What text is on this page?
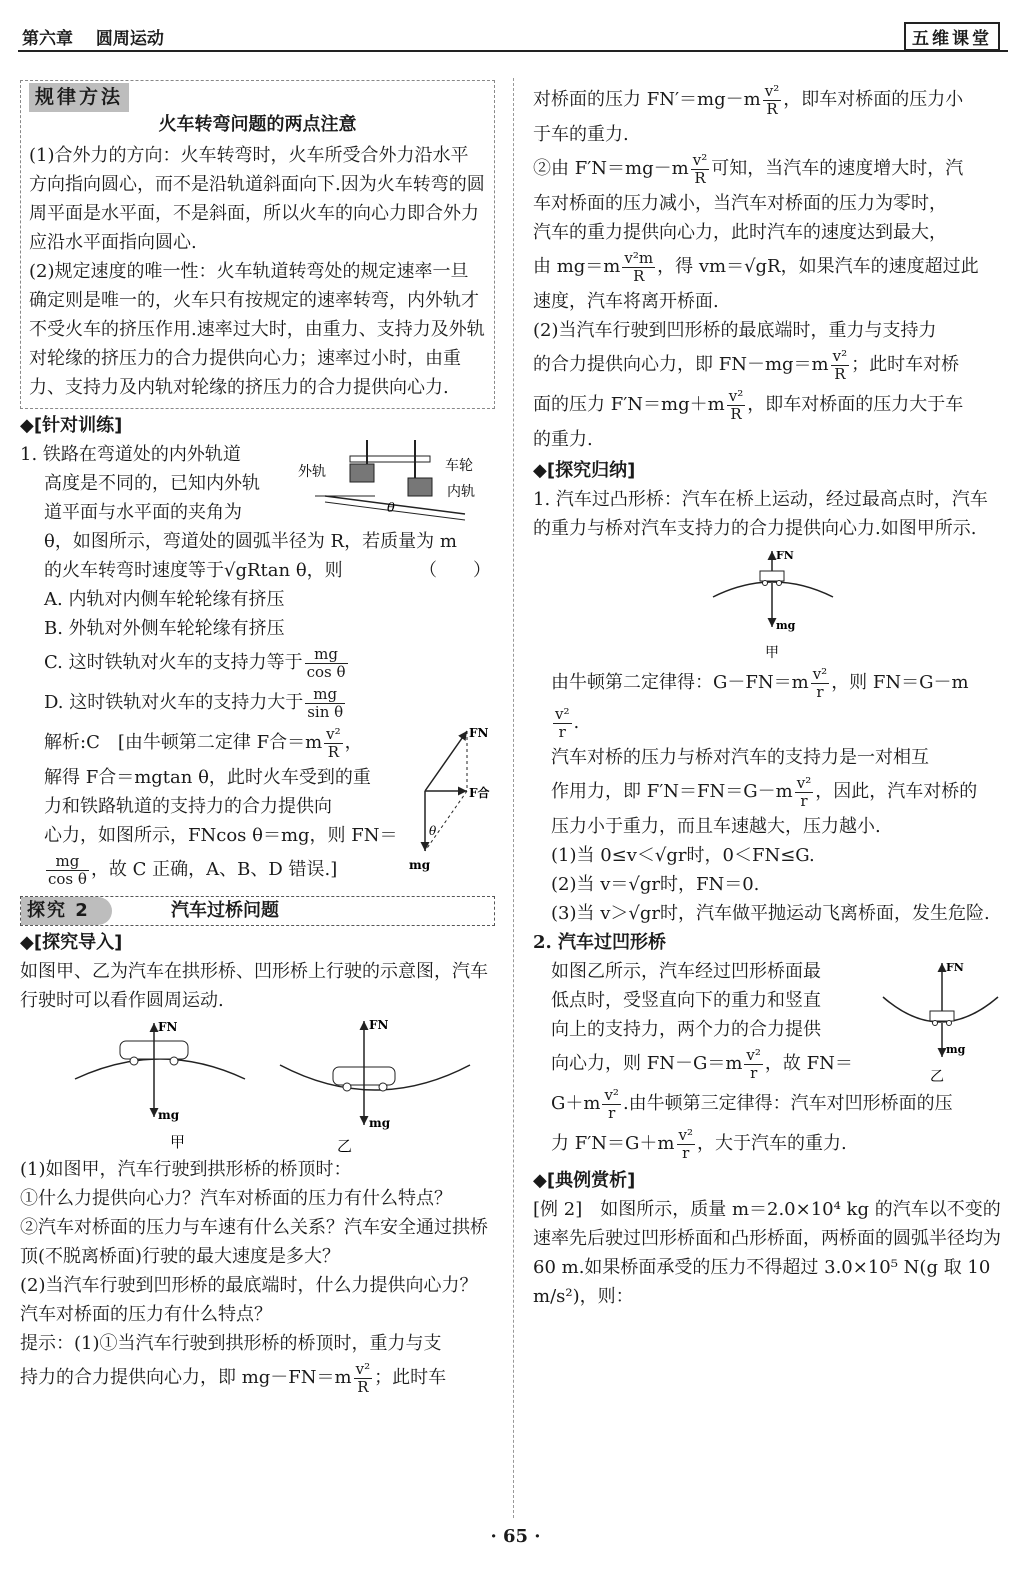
第六章　 圆周运动	五维课堂
规律方法
火车转弯问题的两点注意

(1)合外力的方向：火车转弯时，火车所受合外力沿水平方向指向圆心，而不是沿轨道斜面向下.因为火车转弯的圆周平面是水平面，不是斜面，所以火车的向心力即合外力应沿水平面指向圆心.

(2)规定速度的唯一性：火车轨道转弯处的规定速率一旦确定则是唯一的，火车只有按规定的速率转弯，内外轨才不受火车的挤压作用.速率过大时，由重力、支持力及外轨对轮缘的挤压力的合力提供向心力；速率过小时，由重力、支持力及内轨对轮缘的挤压力的合力提供向心力.

◆[针对训练]

1. 铁路在弯道处的内外轨道

高度是不同的，已知内外轨

道平面与水平面的夹角为

θ，如图所示，弯道处的圆弧半径为 R，若质量为 m

的火车转弯时速度等于√gRtan θ，则	（　　）

外轨	车轮
内轨
θ

A. 内轨对内侧车轮轮缘有挤压

B. 外轨对外侧车轮轮缘有挤压

C. 这时铁轨对火车的支持力等于 $\frac{mg}{\text{cos θ}}$

D. 这时铁轨对火车的支持力大于 $\frac{mg}{\text{sin θ}}$

解析:C　[由牛顿第二定律 F合$=m \frac{\text{v²}}{R}$ ，

解得 F合＝mgtan θ，此时火车受到的重

力和铁路轨道的支持力的合力提供向

心力，如图所示，FNcos θ＝mg，则 FN＝

$\frac{mg}{\text{cos θ}}$ ，故 C 正确，A、B、D 错误.]

FN
F合
mg
θ
探究 2	汽车过桥问题
◆[探究导入]

如图甲、乙为汽车在拱形桥、凹形桥上行驶的示意图，汽车行驶时可以看作圆周运动.

FN
mg
甲
FN
mg
乙

(1)如图甲，汽车行驶到拱形桥的桥顶时：

①什么力提供向心力？汽车对桥面的压力有什么特点？

②汽车对桥面的压力与车速有什么关系？汽车安全通过拱桥顶(不脱离桥面)行驶的最大速度是多大？

(2)当汽车行驶到凹形桥的最底端时，什么力提供向心力？汽车对桥面的压力有什么特点？

提示：(1)①当汽车行驶到拱形桥的桥顶时，重力与支

持力的合力提供向心力，即 $mg-FN=m \frac{\text{v²}}{R}$ ；此时车

对桥面的压力 $FN'=mg-m \frac{\text{v²}}{R}$ ，即车对桥面的压力小

于车的重力.

②由 $F'N=mg-m \frac{\text{v²}}{R}$ 可知，当汽车的速度增大时，汽

车对桥面的压力减小，当汽车对桥面的压力为零时，

汽车的重力提供向心力，此时汽车的速度达到最大，

由 $mg=m \frac{\text{v²m}}{R}$ ，得 vm＝√gR，如果汽车的速度超过此

速度，汽车将离开桥面.

(2)当汽车行驶到凹形桥的最底端时，重力与支持力

的合力提供向心力，即 $FN-mg=m \frac{\text{v²}}{R}$ ；此时车对桥

面的压力 $F'N=mg+m \frac{\text{v²}}{R}$ ，即车对桥面的压力大于车

的重力.

◆[探究归纳]

1. 汽车过凸形桥：汽车在桥上运动，经过最高点时，汽车的重力与桥对汽车支持力的合力提供向心力.如图甲所示.

FN
mg
甲

由牛顿第二定律得：$G-FN=m \frac{\text{v²}}{r}$ ，则 FN＝G－m

$\frac{\text{v²}}{r}$ .

汽车对桥的压力与桥对汽车的支持力是一对相互

作用力，即 $F'N=FN=G-m \frac{\text{v²}}{r}$ ，因此，汽车对桥的

压力小于重力，而且车速越大，压力越小.

(1)当 0≤v＜√gr时，0＜FN≤G.

(2)当 v＝√gr时，FN＝0.

(3)当 v＞√gr时，汽车做平抛运动飞离桥面，发生危险.

2. 汽车过凹形桥

如图乙所示，汽车经过凹形桥面最

低点时，受竖直向下的重力和竖直

向上的支持力，两个力的合力提供

向心力，则 $FN-G=m \frac{\text{v²}}{r}$ ，故 FN＝

FN
mg
乙

$G+m \frac{\text{v²}}{r}$ .由牛顿第三定律得：汽车对凹形桥面的压

力 $F'N=G+m \frac{\text{v²}}{r}$ ，大于汽车的重力.

◆[典例赏析]

[例 2]　如图所示，质量 m＝2.0×10⁴ kg 的汽车以不变的速率先后驶过凹形桥面和凸形桥面，两桥面的圆弧半径均为 60 m.如果桥面承受的压力不得超过 3.0×10⁵ N(g 取 10 m/s²)，则：

· 65 ·
